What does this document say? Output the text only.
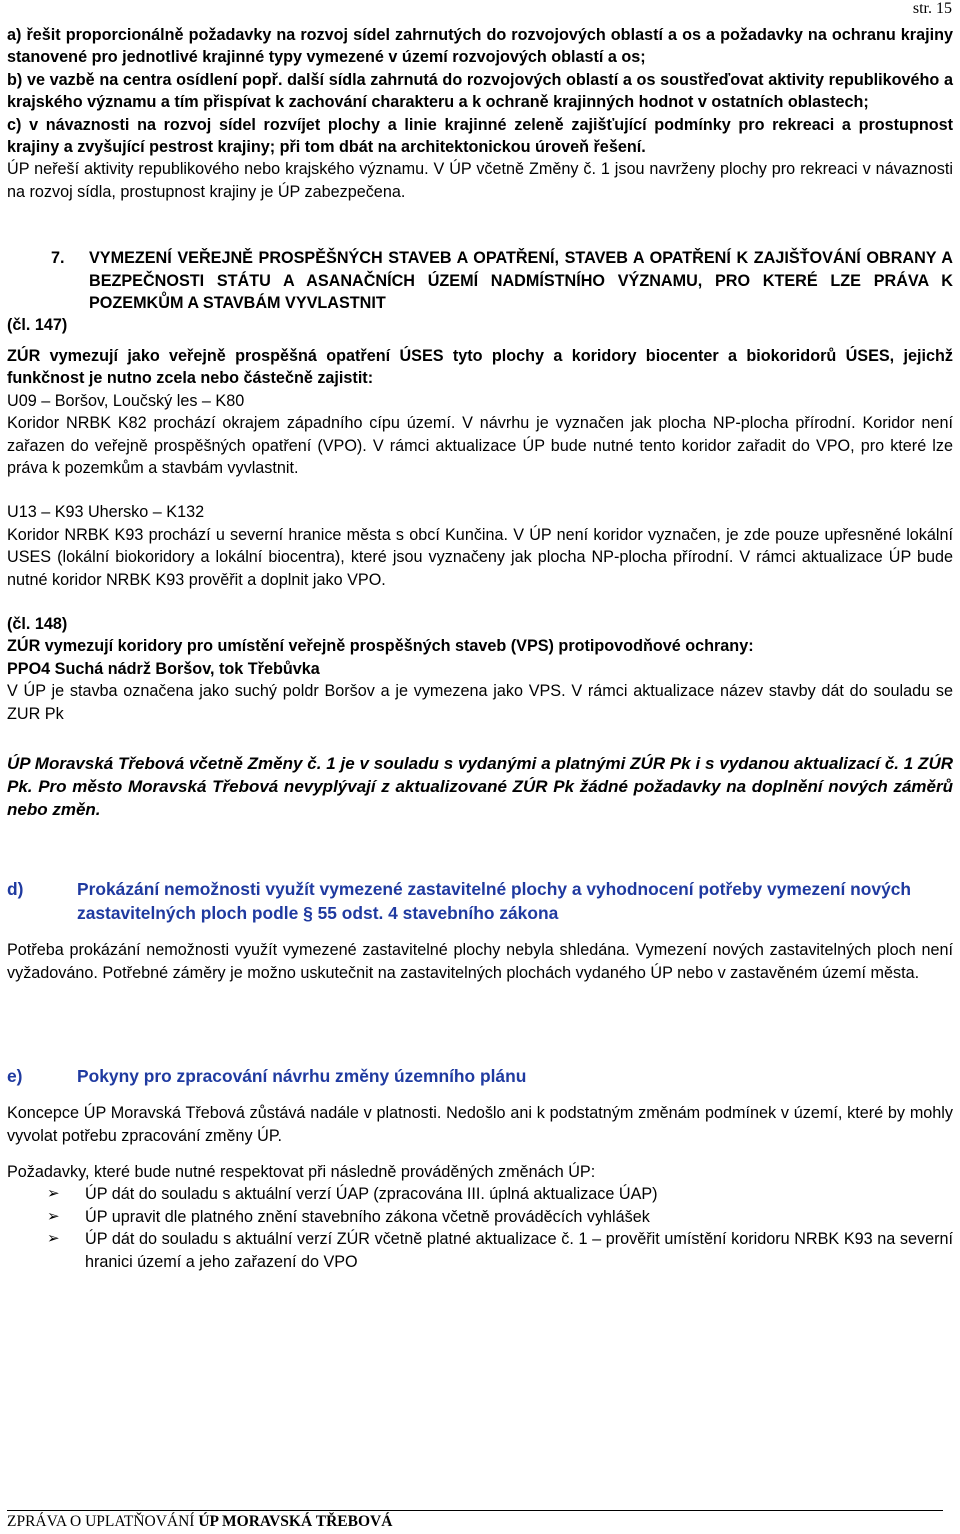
str. 15

a) řešit proporcionálně požadavky na rozvoj sídel zahrnutých do rozvojových oblastí a os a požadavky na ochranu krajiny stanovené pro jednotlivé krajinné typy vymezené v území rozvojových oblastí a os;

b) ve vazbě na centra osídlení popř. další sídla zahrnutá do rozvojových oblastí a os soustřeďovat aktivity republikového a krajského významu a tím přispívat k zachování charakteru a k ochraně krajinných hodnot v ostatních oblastech;

c) v návaznosti na rozvoj sídel rozvíjet plochy a linie krajinné zeleně zajišťující podmínky pro rekreaci a prostupnost krajiny a zvyšující pestrost krajiny; při tom dbát na architektonickou úroveň řešení.

ÚP neřeší aktivity republikového nebo krajského významu. V ÚP včetně Změny č. 1 jsou navrženy plochy pro rekreaci v návaznosti na rozvoj sídla, prostupnost krajiny je ÚP zabezpečena.

7. VYMEZENÍ VEŘEJNĚ PROSPĚŠNÝCH STAVEB A OPATŘENÍ, STAVEB A OPATŘENÍ K ZAJIŠŤOVÁNÍ OBRANY A BEZPEČNOSTI STÁTU A ASANAČNÍCH ÚZEMÍ NADMÍSTNÍHO VÝZNAMU, PRO KTERÉ LZE PRÁVA K POZEMKŮM A STAVBÁM VYVLASTNIT

(čl. 147)

ZÚR vymezují jako veřejně prospěšná opatření ÚSES tyto plochy a koridory biocenter a biokoridorů ÚSES, jejichž funkčnost je nutno zcela nebo částečně zajistit:

U09 – Boršov, Loučský les – K80

Koridor NRBK K82 prochází okrajem západního cípu území. V návrhu je vyznačen jak plocha NP-plocha přírodní. Koridor není zařazen do veřejně prospěšných opatření (VPO). V rámci aktualizace ÚP bude nutné tento koridor zařadit do VPO, pro které lze práva k pozemkům a stavbám vyvlastnit.

U13 – K93 Uhersko – K132

Koridor NRBK K93 prochází u severní hranice města s obcí Kunčina. V ÚP není koridor vyznačen, je zde pouze upřesněné lokální USES (lokální biokoridory a lokální biocentra), které jsou vyznačeny jak plocha NP-plocha přírodní. V rámci aktualizace ÚP bude nutné koridor NRBK K93 prověřit a doplnit jako VPO.

(čl. 148)

ZÚR vymezují koridory pro umístění veřejně prospěšných staveb (VPS) protipovodňové ochrany:

PPO4 Suchá nádrž Boršov, tok Třebůvka

V ÚP je stavba označena jako suchý poldr Boršov a je vymezena jako VPS. V rámci aktualizace název stavby dát do souladu se ZUR Pk

ÚP Moravská Třebová včetně Změny č. 1 je v souladu s vydanými a platnými ZÚR Pk i s vydanou aktualizací č. 1 ZÚR Pk. Pro město Moravská Třebová nevyplývají z aktualizované ZÚR Pk žádné požadavky na doplnění nových záměrů nebo změn.

d)	Prokázání nemožnosti využít vymezené zastavitelné plochy a vyhodnocení potřeby vymezení nových zastavitelných ploch podle § 55 odst. 4 stavebního zákona

Potřeba prokázání nemožnosti využít vymezené zastavitelné plochy nebyla shledána. Vymezení nových zastavitelných ploch není vyžadováno. Potřebné záměry je možno uskutečnit na zastavitelných plochách vydaného ÚP nebo v zastavěném území města.

e)	Pokyny pro zpracování návrhu změny územního plánu

Koncepce ÚP Moravská Třebová zůstává nadále v platnosti. Nedošlo ani k podstatným změnám podmínek v území, které by mohly vyvolat potřebu zpracování změny ÚP.

Požadavky, které bude nutné respektovat při následně prováděných změnách ÚP:

➢ ÚP dát do souladu s aktuální verzí ÚAP (zpracována III. úplná aktualizace ÚAP)
➢ ÚP upravit dle platného znění stavebního zákona včetně prováděcích vyhlášek
➢ ÚP dát do souladu s aktuální verzí ZÚR včetně platné aktualizace č. 1 – prověřit umístění koridoru NRBK K93 na severní hranici území a jeho zařazení do VPO
ZPRÁVA O UPLATŇOVÁNÍ ÚP MORAVSKÁ TŘEBOVÁ
